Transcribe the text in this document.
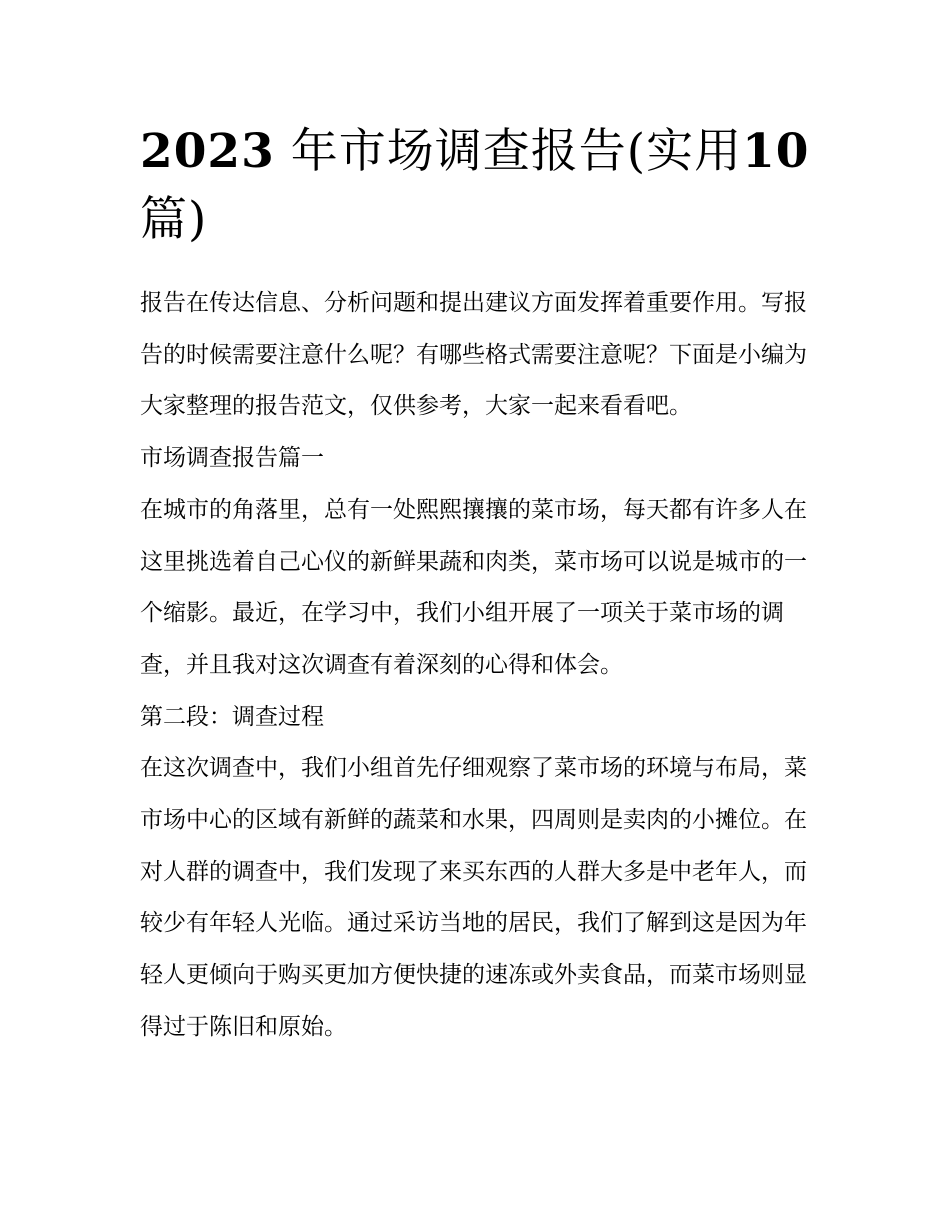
2023 年市场调查报告(实用10 篇)

报告在传达信息、分析问题和提出建议方面发挥着重要作用。写报告的时候需要注意什么呢？有哪些格式需要注意呢？下面是小编为大家整理的报告范文，仅供参考，大家一起来看看吧。

市场调查报告篇一

在城市的角落里，总有一处熙熙攘攘的菜市场，每天都有许多人在这里挑选着自己心仪的新鲜果蔬和肉类，菜市场可以说是城市的一个缩影。最近，在学习中，我们小组开展了一项关于菜市场的调查，并且我对这次调查有着深刻的心得和体会。

第二段：调查过程

在这次调查中，我们小组首先仔细观察了菜市场的环境与布局，菜市场中心的区域有新鲜的蔬菜和水果，四周则是卖肉的小摊位。在对人群的调查中，我们发现了来买东西的人群大多是中老年人，而较少有年轻人光临。通过采访当地的居民，我们了解到这是因为年轻人更倾向于购买更加方便快捷的速冻或外卖食品，而菜市场则显得过于陈旧和原始。
